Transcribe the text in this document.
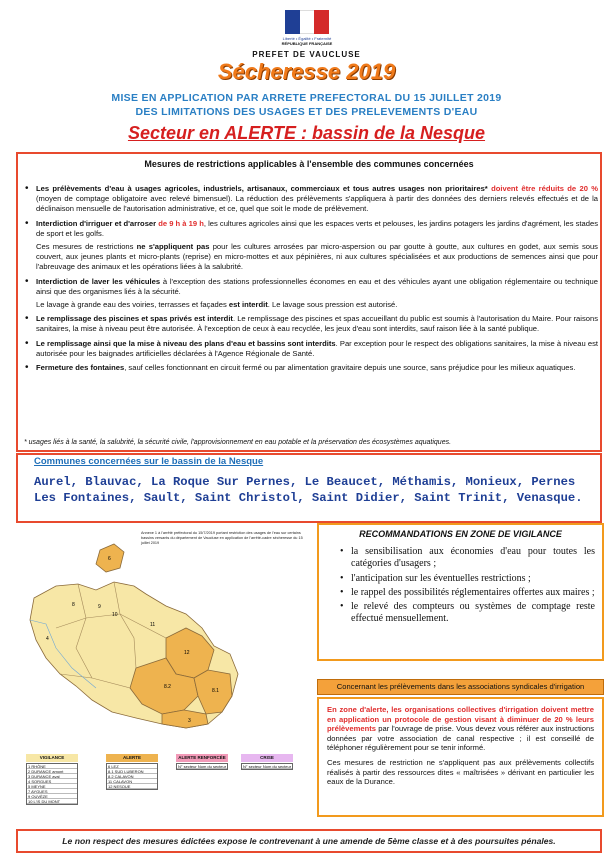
Liberté • Égalité • Fraternité
RÉPUBLIQUE FRANÇAISE
PREFET DE VAUCLUSE
Sécheresse 2019
MISE EN APPLICATION PAR ARRETE PREFECTORAL DU 15 JUILLET 2019
DES LIMITATIONS DES USAGES ET DES PRELEVEMENTS D'EAU
Secteur en ALERTE : bassin de la Nesque
Mesures de restrictions applicables à l'ensemble des communes concernées
• Les prélèvements d'eau à usages agricoles, industriels, artisanaux, commerciaux et tous autres usages non prioritaires* doivent être réduits de 20 % (moyen de comptage obligatoire avec relevé bimensuel). La réduction des prélèvements s'appliquera à partir des données des derniers relevés effectués et de la déclinaison mensuelle de l'autorisation administrative, et ce, quel que soit le mode de prélèvement.
• Interdiction d'irriguer et d'arroser de 9 h à 19 h, les cultures agricoles ainsi que les espaces verts et pelouses, les jardins potagers les jardins d'agrément, les stades de sport et les golfs.
Ces mesures de restrictions ne s'appliquent pas pour les cultures arrosées par micro-aspersion ou par goutte à goutte, aux cultures en godet, aux semis sous couvert, aux jeunes plants et micro-plants (reprise) en micro-mottes et aux pépinières, ni aux cultures spécialisées et aux productions de semences ainsi que pour l'abreuvage des animaux et les opérations liées à la salubrité.
• Interdiction de laver les véhicules à l'exception des stations professionnelles économes en eau et des véhicules ayant une obligation réglementaire ou technique ainsi que des organismes liés à la sécurité.
Le lavage à grande eau des voiries, terrasses et façades est interdit. Le lavage sous pression est autorisé.
• Le remplissage des piscines et spas privés est interdit. Le remplissage des piscines et spas accueillant du public est soumis à l'autorisation du Maire. Pour raisons sanitaires, la mise à niveau peut être autorisée. À l'exception de ceux à eau recyclée, les jeux d'eau sont interdits, sauf raison liée à la santé publique.
• Le remplissage ainsi que la mise à niveau des plans d'eau et bassins sont interdits. Par exception pour le respect des obligations sanitaires, la mise à niveau est autorisée pour les baignades artificielles déclarées à l'Agence Régionale de Santé.
• Fermeture des fontaines, sauf celles fonctionnant en circuit fermé ou par alimentation gravitaire depuis une source, sans préjudice pour les milieux aquatiques.
* usages liés à la santé, la salubrité, la sécurité civile, l'approvisionnement en eau potable et la préservation des écosystèmes aquatiques.
Communes concernées sur le bassin de la Nesque
Aurel, Blauvac, La Roque Sur Pernes, Le Beaucet, Méthamis, Monieux, Pernes Les Fontaines, Sault, Saint Christol, Saint Didier, Saint Trinit, Venasque.
6
8	9
10
11
12
8.2
8.1
3
4
Annexe 1 à l'arrêté préfectoral du 15/7/2019 portant restriction des usages de l'eau sur certains bassins versants du département de Vaucluse en application de l'arrêté-cadre sécheresse du 15 juillet 2019
VIGILANCE
1 RHÔNE
2 DURANCE amont
3 DURANCE aval
4 SORGUES
5 MEYNE
7 AYGUES
9 OUVÈZE
10 L'IS DU MONT
ALERTE
6 LEZ
8.1 SUD LUBERON
8.2 CALAVON
11 CALAVON
12 NESQUE
ALERTE RENFORCÉE
N° secteur Nom du secteur
CRISE
N° secteur Nom du secteur
RECOMMANDATIONS EN ZONE DE VIGILANCE
• la sensibilisation aux économies d'eau pour toutes les catégories d'usagers ;
• l'anticipation sur les éventuelles restrictions ;
• le rappel des possibilités réglementaires offertes aux maires ;
• le relevé des compteurs ou systèmes de comptage reste effectué mensuellement.
Concernant les prélèvements dans les associations syndicales d'irrigation

En zone d'alerte, les organisations collectives d'irrigation doivent mettre en application un protocole de gestion visant à diminuer de 20 % leurs prélèvements par l'ouvrage de prise. Vous devez vous référer aux instructions données par votre association de canal respective ; il est conseillé de téléphoner régulièrement pour se tenir informé.

Ces mesures de restriction ne s'appliquent pas aux prélèvements collectifs réalisés à partir des ressources dites « maîtrisées » dérivant en particulier les eaux de la Durance.

Le non respect des mesures édictées expose le contrevenant à une amende de 5ème classe et à des poursuites pénales.
